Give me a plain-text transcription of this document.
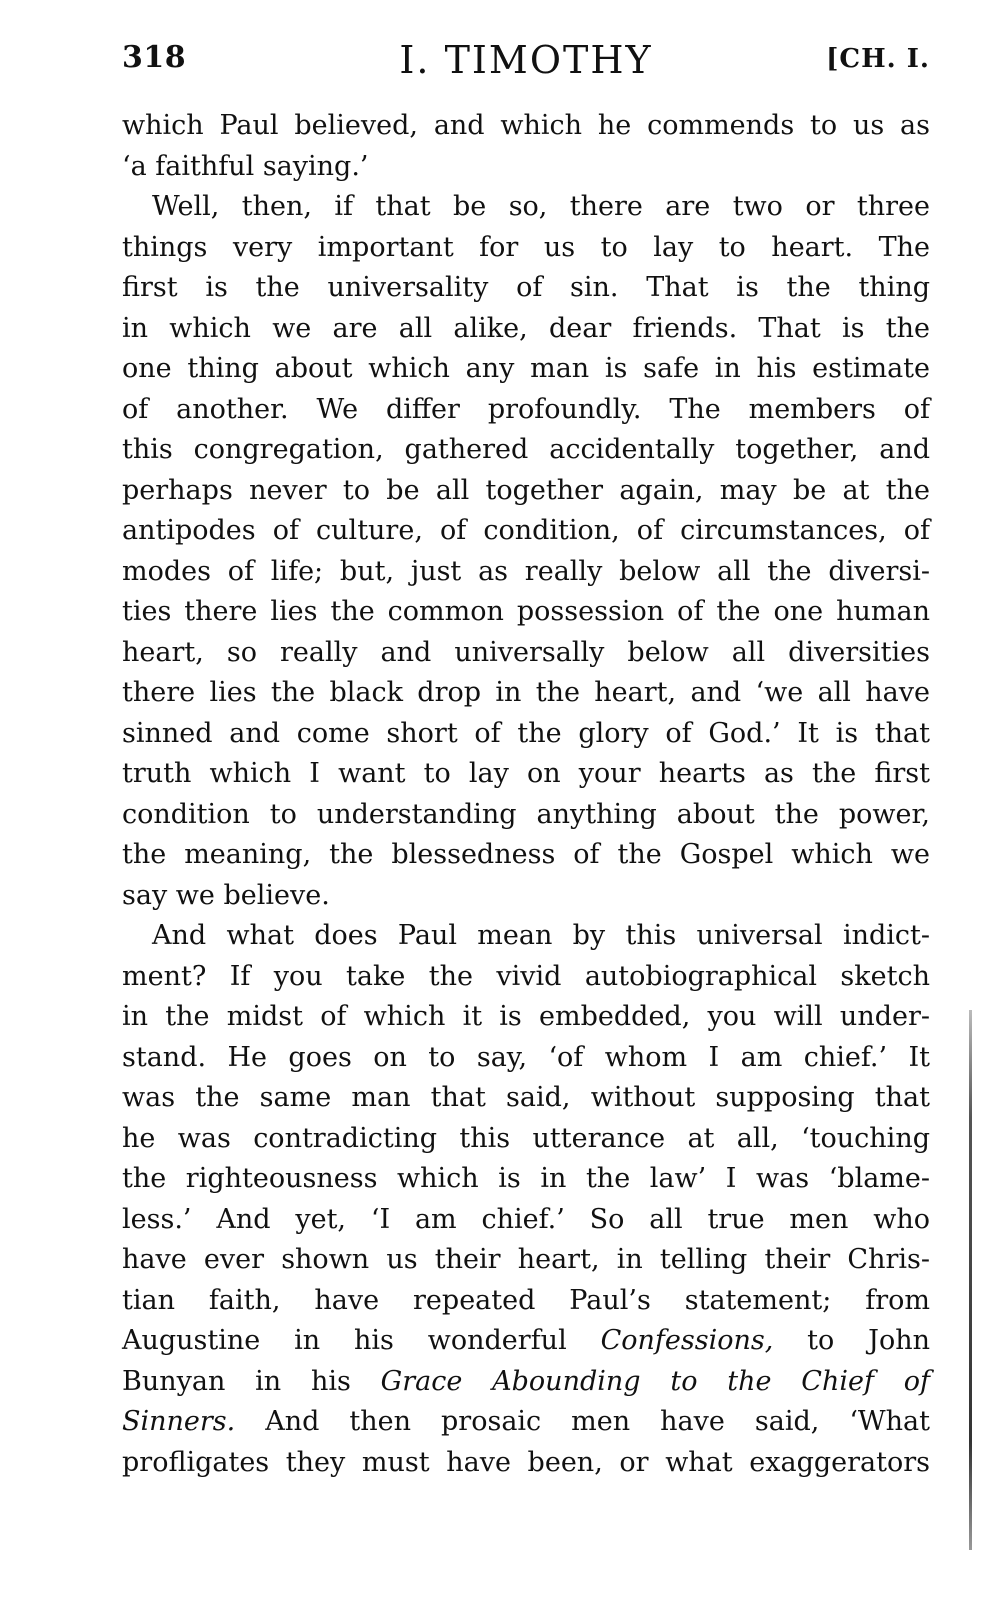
318	I. TIMOTHY	[CH. I.
which Paul believed, and which he commends to us as
‘a faithful saying.’
Well, then, if that be so, there are two or three
things very important for us to lay to heart. The
first is the universality of sin. That is the thing
in which we are all alike, dear friends. That is the
one thing about which any man is safe in his estimate
of another. We differ profoundly. The members of
this congregation, gathered accidentally together, and
perhaps never to be all together again, may be at the
antipodes of culture, of condition, of circumstances, of
modes of life; but, just as really below all the diversi-
ties there lies the common possession of the one human
heart, so really and universally below all diversities
there lies the black drop in the heart, and ‘we all have
sinned and come short of the glory of God.’ It is that
truth which I want to lay on your hearts as the first
condition to understanding anything about the power,
the meaning, the blessedness of the Gospel which we
say we believe.
And what does Paul mean by this universal indict-
ment? If you take the vivid autobiographical sketch
in the midst of which it is embedded, you will under-
stand. He goes on to say, ‘of whom I am chief.’ It
was the same man that said, without supposing that
he was contradicting this utterance at all, ‘touching
the righteousness which is in the law’ I was ‘blame-
less.’ And yet, ‘I am chief.’ So all true men who
have ever shown us their heart, in telling their Chris-
tian faith, have repeated Paul’s statement; from
Augustine in his wonderful Confessions, to John
Bunyan in his Grace Abounding to the Chief of
Sinners. And then prosaic men have said, ‘What
profligates they must have been, or what exaggerators
